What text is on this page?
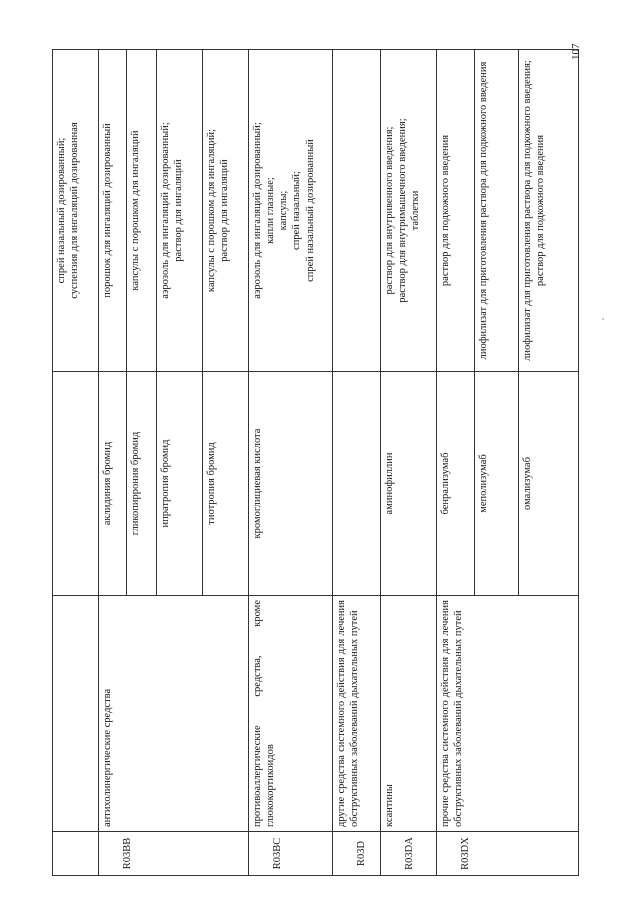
107

			спрей назальный дозированный; суспензия для ингаляций дозированная

R03BB	антихолинергические средства	аклидиния бромид	порошок для ингаляций дозированный

		гликопиррония бромид	капсулы с порошком для ингаляций

		ипратропия бромид	аэрозоль для ингаляций дозированный; раствор для ингаляций

		тиотропия бромид	капсулы с порошком для ингаляций; раствор для ингаляций

R03BC	противоаллергические средства, кроме глюкокортикоидов	кромоглициевая кислота	аэрозоль для ингаляций дозированный; капли глазные; капсулы; спрей назальный; спрей назальный дозированный

R03D	другие средства системного действия для лечения обструктивных заболеваний дыхательных путей		
R03DA	ксантины	аминофиллин	раствор для внутривенного введения; раствор для внутримышечного введения; таблетки

R03DX	прочие средства системного действия для лечения обструктивных заболеваний дыхательных путей	бенрализумаб	раствор для подкожного введения

		меполизумаб	лиофилизат для приготовления раствора для подкожного введения

		омализумаб	лиофилизат для приготовления раствора для подкожного введения; раствор для подкожного введения
